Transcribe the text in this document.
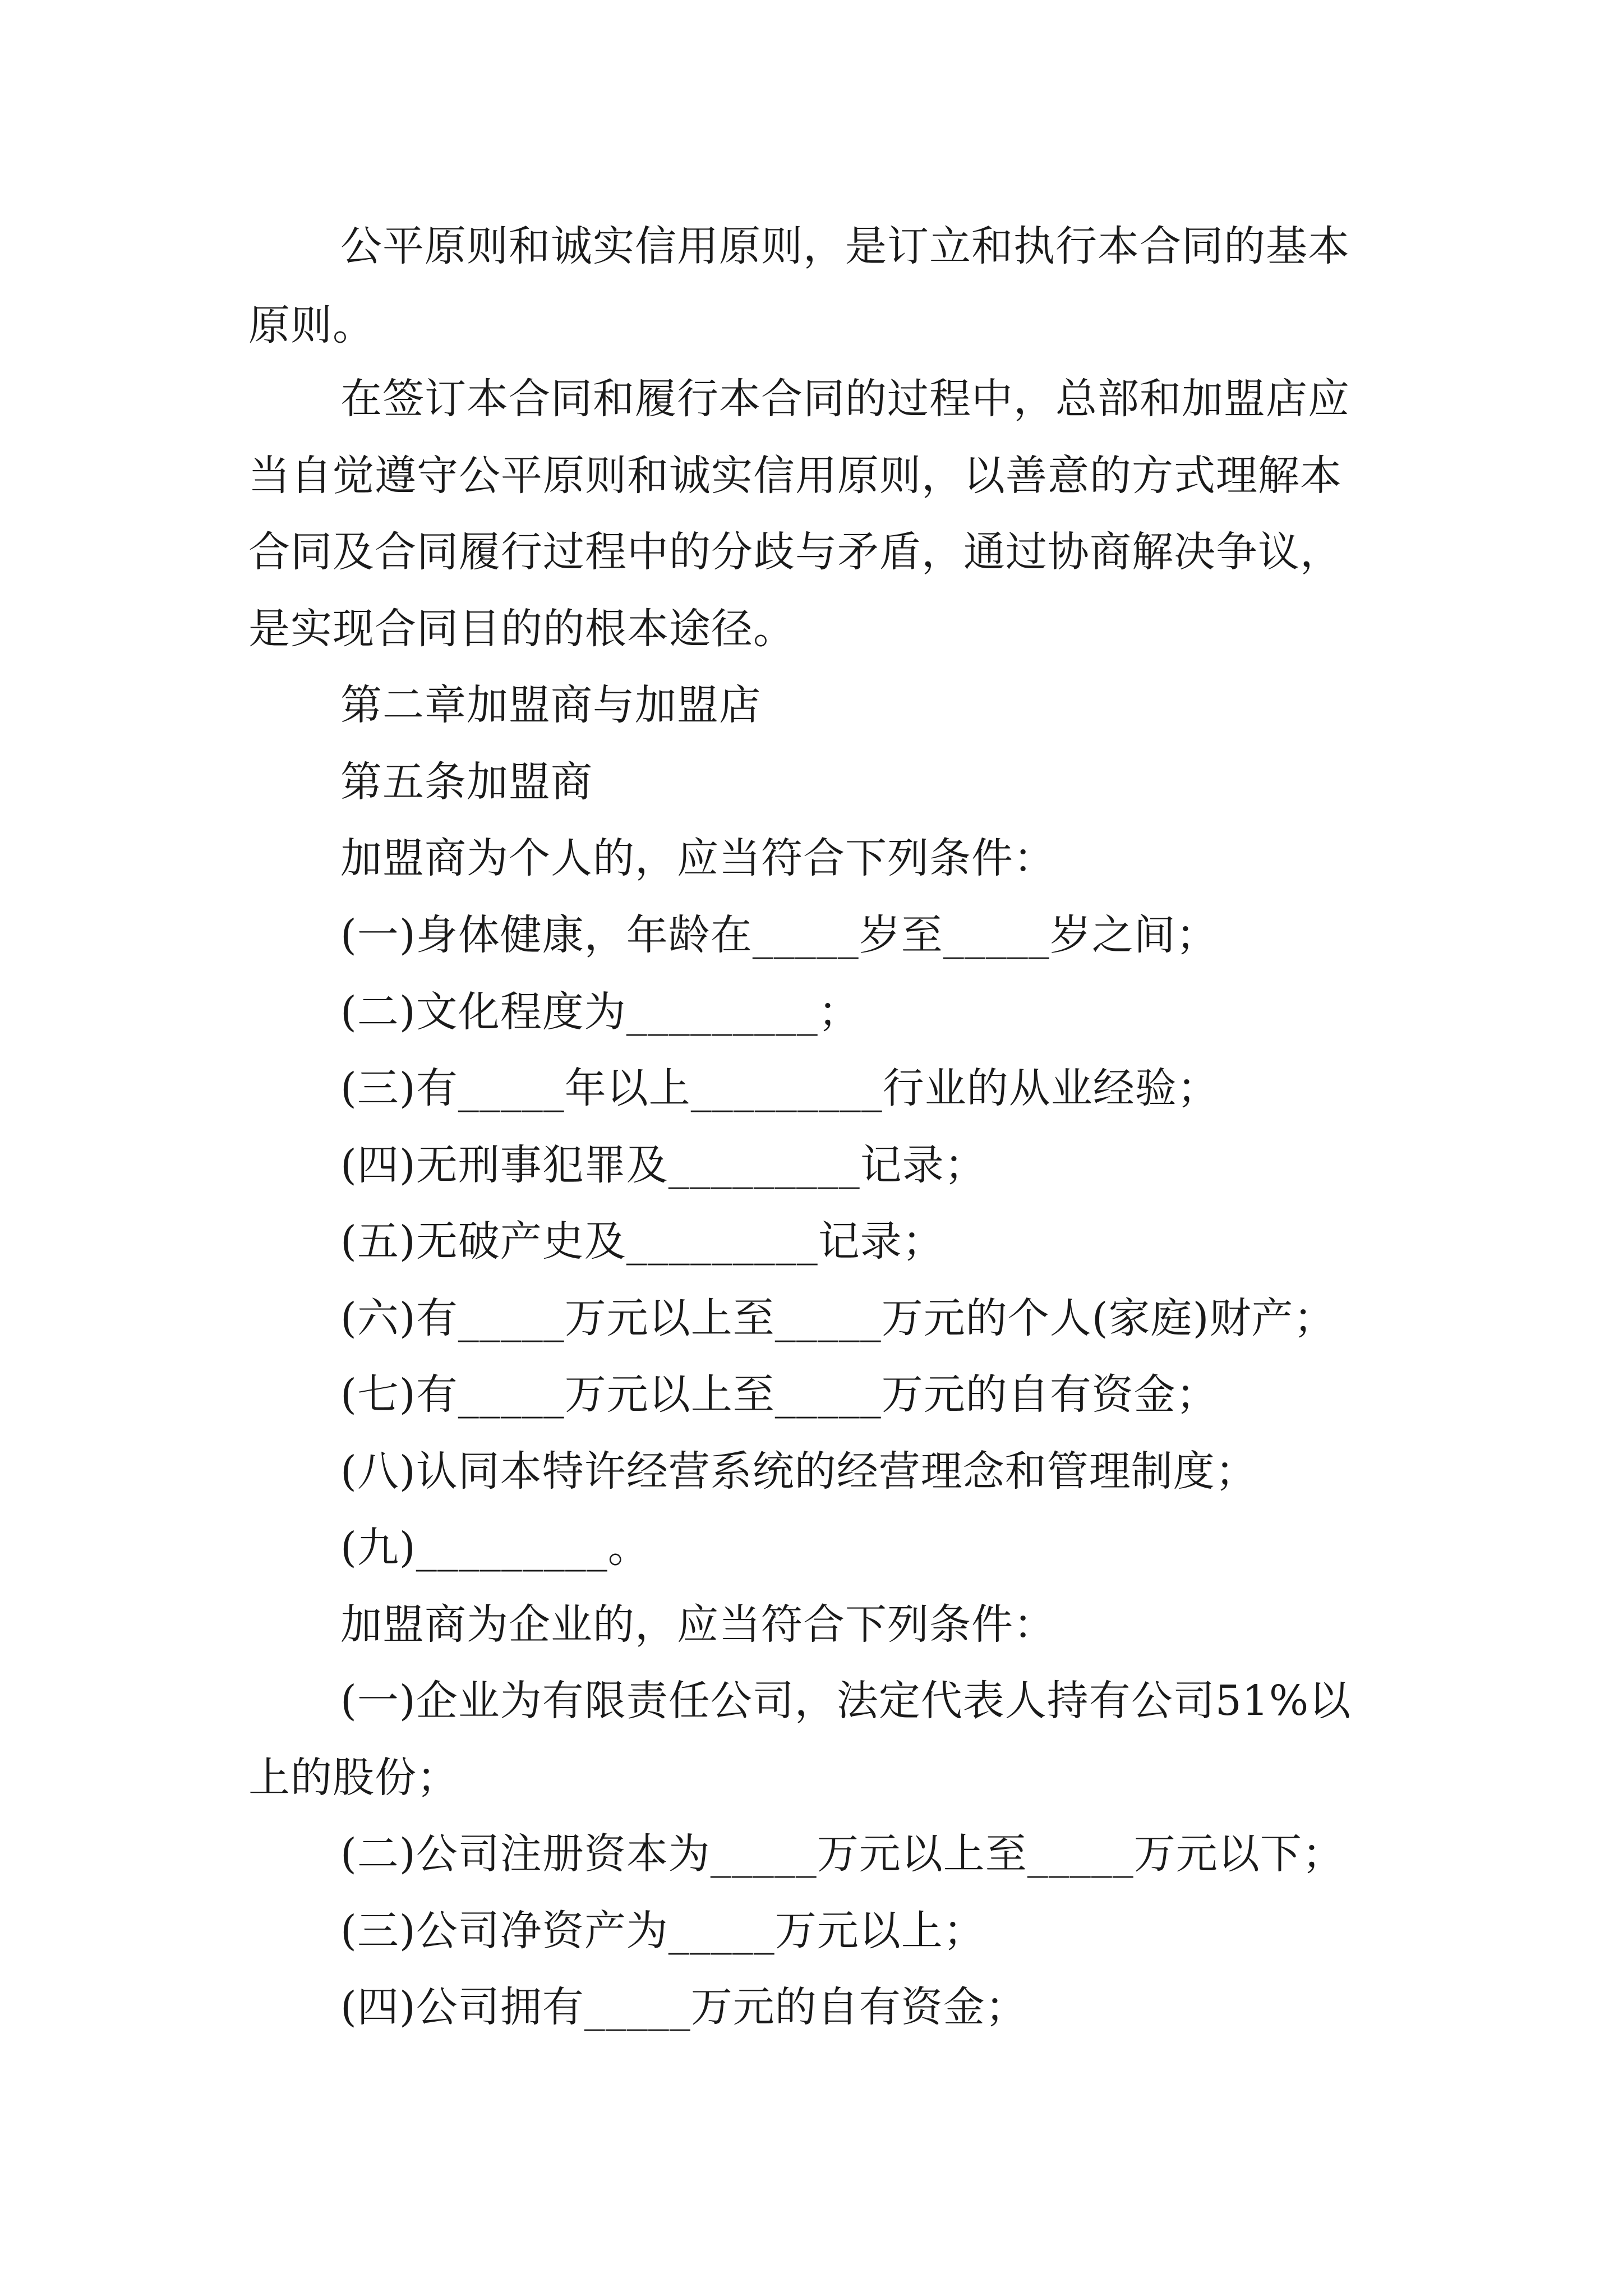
公平原则和诚实信用原则，是订立和执行本合同的基本
原则。
在签订本合同和履行本合同的过程中，总部和加盟店应
当自觉遵守公平原则和诚实信用原则，以善意的方式理解本
合同及合同履行过程中的分歧与矛盾，通过协商解决争议，
是实现合同目的的根本途径。
第二章加盟商与加盟店
第五条加盟商
加盟商为个人的，应当符合下列条件：
(一)身体健康，年龄在_____岁至_____岁之间；
(二)文化程度为_________；
(三)有_____年以上_________行业的从业经验；
(四)无刑事犯罪及_________记录；
(五)无破产史及_________记录；
(六)有_____万元以上至_____万元的个人(家庭)财产；
(七)有_____万元以上至_____万元的自有资金；
(八)认同本特许经营系统的经营理念和管理制度；
(九)_________。
加盟商为企业的，应当符合下列条件：
(一)企业为有限责任公司，法定代表人持有公司51%以
上的股份；
(二)公司注册资本为_____万元以上至_____万元以下；
(三)公司净资产为_____万元以上；
(四)公司拥有_____万元的自有资金；
